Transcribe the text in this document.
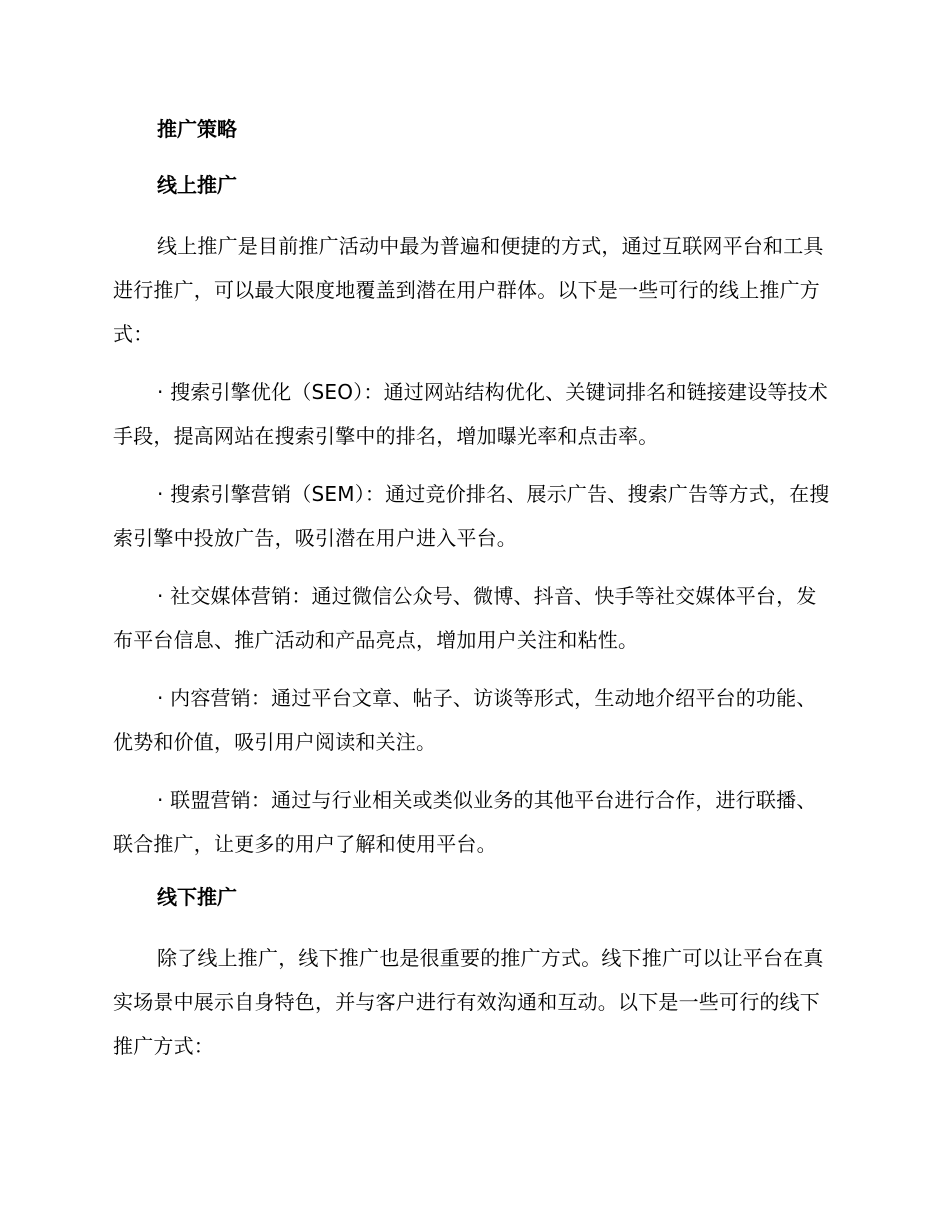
推广策略
线上推广

线上推广是目前推广活动中最为普遍和便捷的方式，通过互联网平台和工具进行推广，可以最大限度地覆盖到潜在用户群体。以下是一些可行的线上推广方式：

· 搜索引擎优化（SEO）：通过网站结构优化、关键词排名和链接建设等技术手段，提高网站在搜索引擎中的排名，增加曝光率和点击率。

· 搜索引擎营销（SEM）：通过竞价排名、展示广告、搜索广告等方式，在搜索引擎中投放广告，吸引潜在用户进入平台。

· 社交媒体营销：通过微信公众号、微博、抖音、快手等社交媒体平台，发布平台信息、推广活动和产品亮点，增加用户关注和粘性。

· 内容营销：通过平台文章、帖子、访谈等形式，生动地介绍平台的功能、优势和价值，吸引用户阅读和关注。

· 联盟营销：通过与行业相关或类似业务的其他平台进行合作，进行联播、联合推广，让更多的用户了解和使用平台。

线下推广

除了线上推广，线下推广也是很重要的推广方式。线下推广可以让平台在真实场景中展示自身特色，并与客户进行有效沟通和互动。以下是一些可行的线下推广方式：
